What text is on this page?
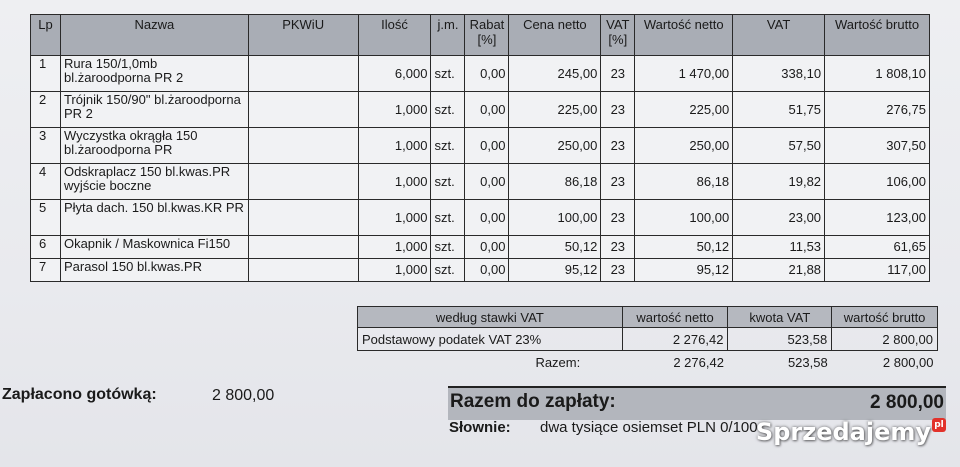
Lp	Nazwa	PKWiU	Ilość	j.m.	Rabat [%]	Cena netto	VAT [%]	Wartość netto	VAT	Wartość brutto
1	Rura 150/1,0mb bl.żaroodporna PR 2		6,000	szt.	0,00	245,00	23	1 470,00	338,10	1 808,10
2	Trójnik 150/90" bl.żaroodporna PR 2		1,000	szt.	0,00	225,00	23	225,00	51,75	276,75
3	Wyczystka okrągła 150 bl.żaroodporna PR		1,000	szt.	0,00	250,00	23	250,00	57,50	307,50
4	Odskraplacz 150 bl.kwas.PR wyjście boczne		1,000	szt.	0,00	86,18	23	86,18	19,82	106,00
5	Płyta dach. 150 bl.kwas.KR PR		1,000	szt.	0,00	100,00	23	100,00	23,00	123,00
6	Okapnik / Maskownica Fi150		1,000	szt.	0,00	50,12	23	50,12	11,53	61,65
7	Parasol 150 bl.kwas.PR		1,000	szt.	0,00	95,12	23	95,12	21,88	117,00
według stawki VAT	wartość netto	kwota VAT	wartość brutto
Podstawowy podatek VAT 23%	2 276,42	523,58	2 800,00
Razem:	2 276,42	523,58	2 800,00
Zapłacono gotówką:	2 800,00	Razem do zapłaty:	2 800,00
Słownie: dwa tysiące osiemset PLN 0/100
Sprzedajemy pl
